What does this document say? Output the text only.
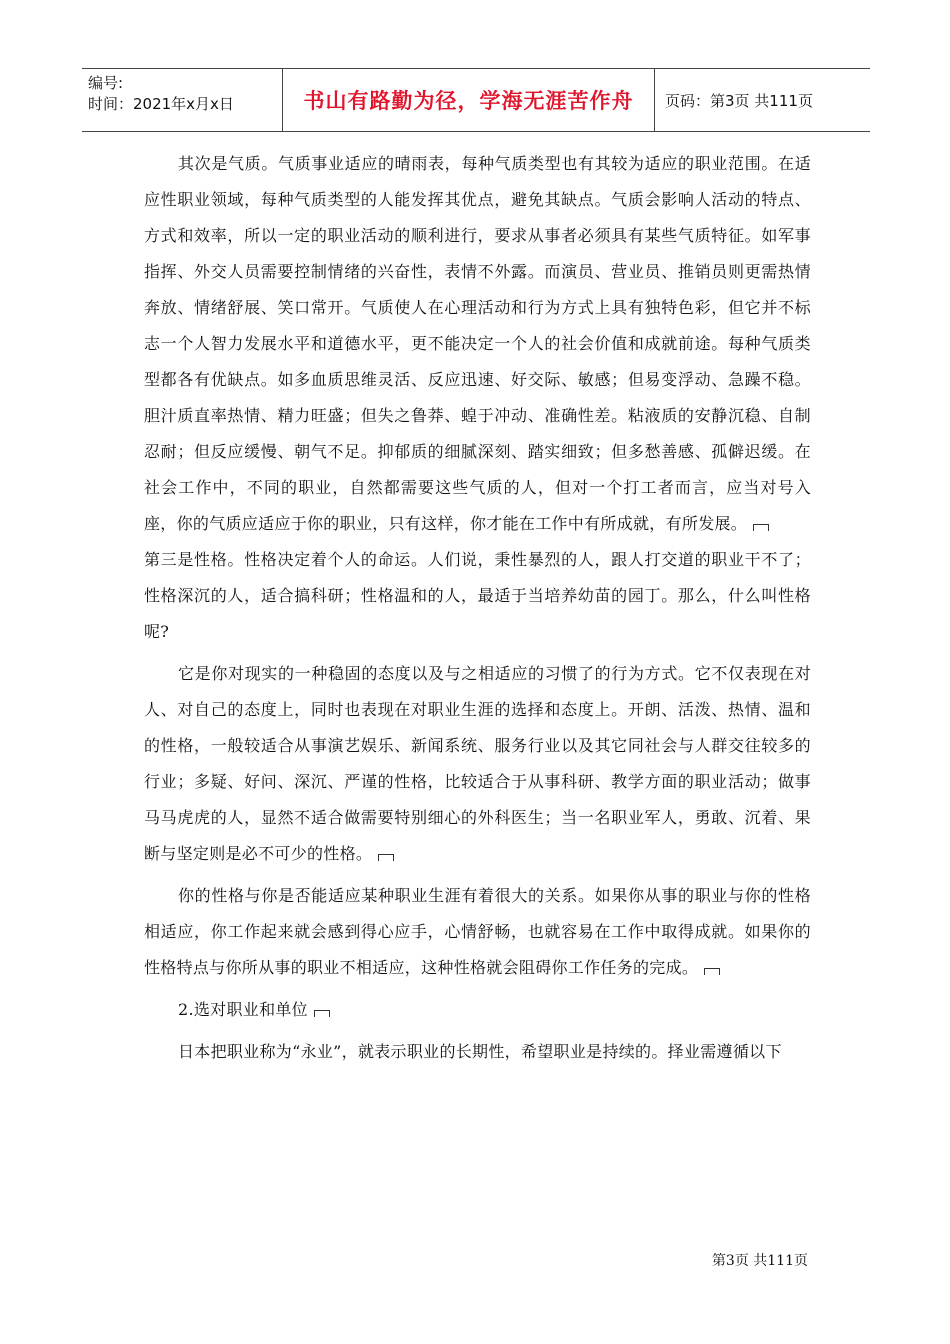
编号:
时间：2021年x月x日	书山有路勤为径，学海无涯苦作舟	页码：第3页 共111页

其次是气质。气质事业适应的晴雨表，每种气质类型也有其较为适应的职业范围。在适应性职业领域，每种气质类型的人能发挥其优点，避免其缺点。气质会影响人活动的特点、方式和效率，所以一定的职业活动的顺利进行，要求从事者必须具有某些气质特征。如军事指挥、外交人员需要控制情绪的兴奋性，表情不外露。而演员、营业员、推销员则更需热情奔放、情绪舒展、笑口常开。气质使人在心理活动和行为方式上具有独特色彩，但它并不标志一个人智力发展水平和道德水平，更不能决定一个人的社会价值和成就前途。每种气质类型都各有优缺点。如多血质思维灵活、反应迅速、好交际、敏感；但易变浮动、急躁不稳。胆汁质直率热情、精力旺盛；但失之鲁莽、蝗于冲动、准确性差。粘液质的安静沉稳、自制忍耐；但反应缓慢、朝气不足。抑郁质的细腻深刻、踏实细致；但多愁善感、孤僻迟缓。在社会工作中，不同的职业，自然都需要这些气质的人，但对一个打工者而言，应当对号入座，你的气质应适应于你的职业，只有这样，你才能在工作中有所成就，有所发展。

第三是性格。性格决定着个人的命运。人们说，秉性暴烈的人，跟人打交道的职业干不了；性格深沉的人，适合搞科研；性格温和的人，最适于当培养幼苗的园丁。那么，什么叫性格呢?

它是你对现实的一种稳固的态度以及与之相适应的习惯了的行为方式。它不仅表现在对人、对自己的态度上，同时也表现在对职业生涯的选择和态度上。开朗、活泼、热情、温和的性格，一般较适合从事演艺娱乐、新闻系统、服务行业以及其它同社会与人群交往较多的行业；多疑、好问、深沉、严谨的性格，比较适合于从事科研、教学方面的职业活动；做事马马虎虎的人，显然不适合做需要特别细心的外科医生；当一名职业军人，勇敢、沉着、果断与坚定则是必不可少的性格。

你的性格与你是否能适应某种职业生涯有着很大的关系。如果你从事的职业与你的性格相适应，你工作起来就会感到得心应手，心情舒畅，也就容易在工作中取得成就。如果你的性格特点与你所从事的职业不相适应，这种性格就会阻碍你工作任务的完成。

2.选对职业和单位

日本把职业称为“永业”，就表示职业的长期性，希望职业是持续的。择业需遵循以下

第3页 共111页
